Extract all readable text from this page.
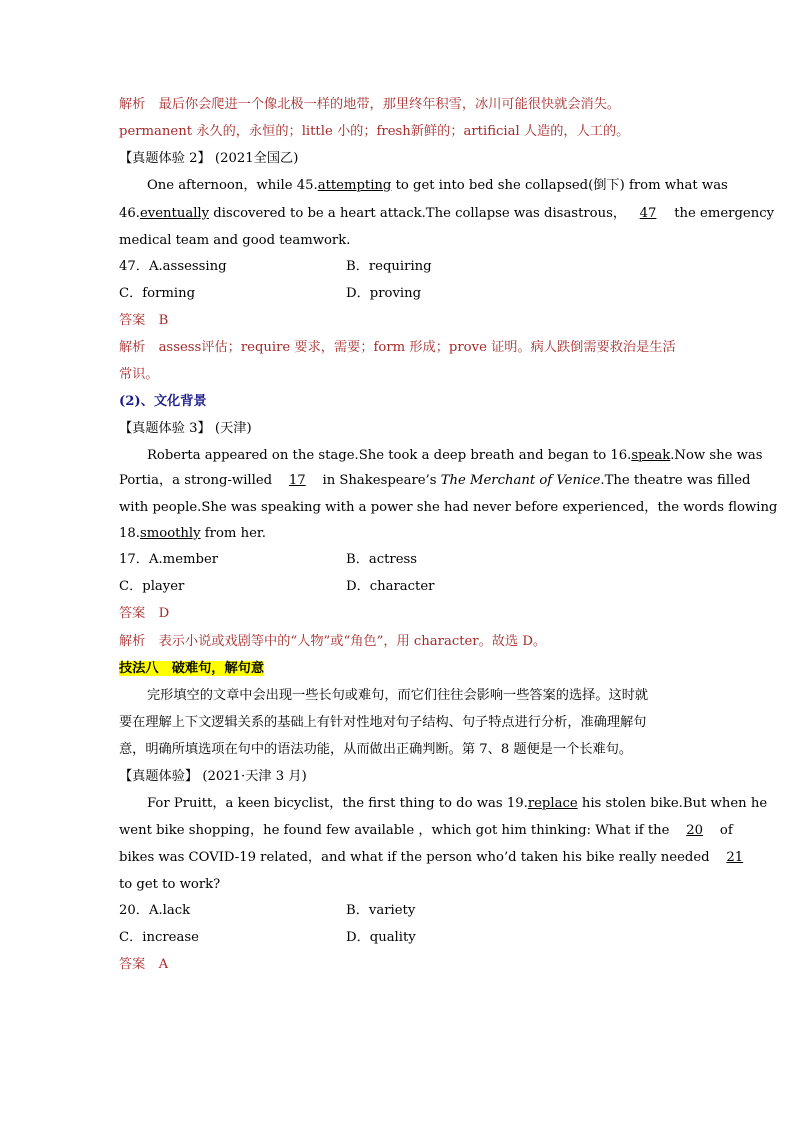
解析　 最后你会爬进一个像北极一样的地带，那里终年积雪，冰川可能很快就会消失。
permanent 永久的，永恒的；little 小的；fresh新鲜的；artificial 人造的，人工的。
【真题体验 2】 (2021全国乙)
One afternoon，while 45.attempting to get into bed she collapsed(倒下) from what was
46.eventually discovered to be a heart attack.The collapse was disastrous， 47 the emergency
medical team and good teamwork.
47．A.assessing	B．requiring
C．forming	D．proving
答案　 B
解析　 assess评估；require 要求，需要；form 形成；prove 证明。病人跌倒需要救治是生活
常识。
(2)、文化背景
【真题体验 3】 (天津)
Roberta appeared on the stage.She took a deep breath and began to 16.speak.Now she was
Portia，a strong-willed 17 in Shakespeare’s The Merchant of Venice.The theatre was filled
with people.She was speaking with a power she had never before experienced，the words flowing
18.smoothly from her.
17．A.member	B．actress
C．player	D．character
答案　 D
解析　 表示小说或戏剧等中的“人物”或“角色”，用 character。故选 D。
技法八　破难句，解句意
完形填空的文章中会出现一些长句或难句，而它们往往会影响一些答案的选择。这时就
要在理解上下文逻辑关系的基础上有针对性地对句子结构、句子特点进行分析，准确理解句
意，明确所填选项在句中的语法功能，从而做出正确判断。第 7、8 题便是一个长难句。
【真题体验】 (2021·天津 3 月)
For Pruitt，a keen bicyclist，the first thing to do was 19.replace his stolen bike.But when he
went bike shopping，he found few available ，which got him thinking: What if the 20 of
bikes was COVID-19 related，and what if the person who’d taken his bike really needed 21
to get to work?
20．A.lack	B．variety
C．increase	D．quality
答案　 A
